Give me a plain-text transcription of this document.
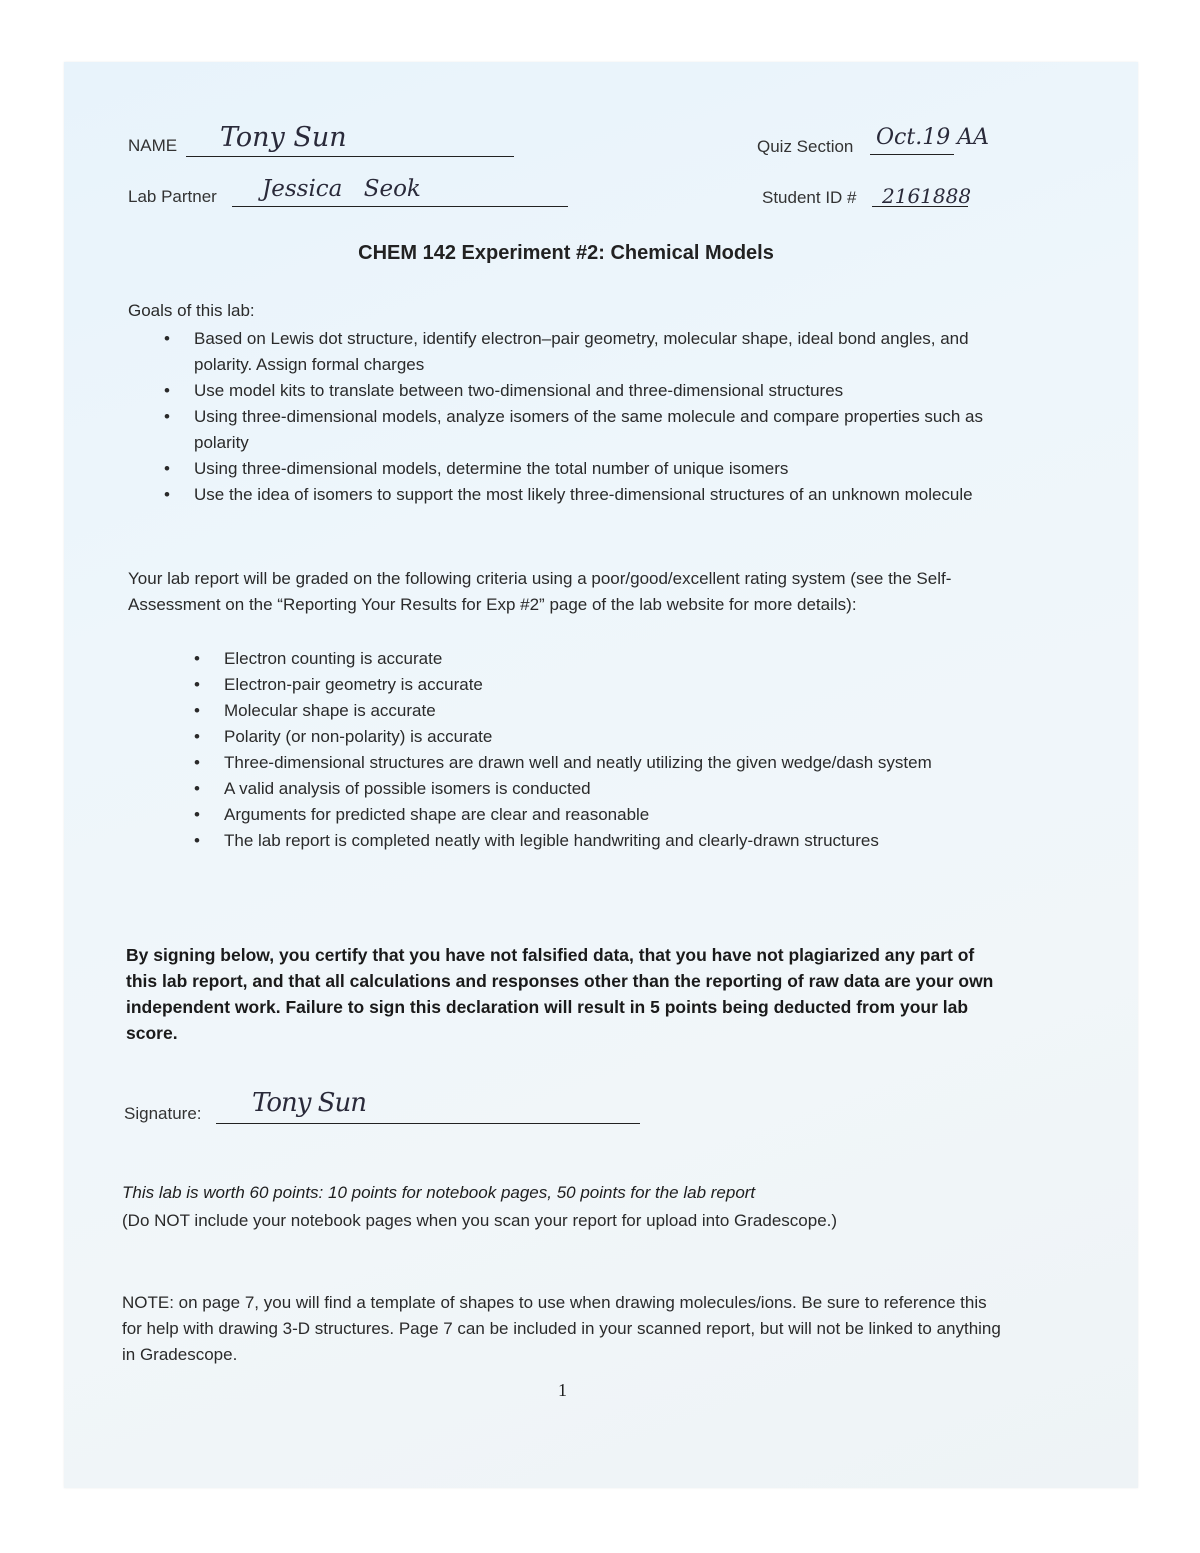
NAME Tony Sun	Quiz Section Oct.19 AA
Lab Partner Jessica Seok	Student ID # 2161888
CHEM 142 Experiment #2: Chemical Models
Goals of this lab:
• Based on Lewis dot structure, identify electron–pair geometry, molecular shape, ideal bond angles, and polarity. Assign formal charges
• Use model kits to translate between two-dimensional and three-dimensional structures
• Using three-dimensional models, analyze isomers of the same molecule and compare properties such as polarity
• Using three-dimensional models, determine the total number of unique isomers
• Use the idea of isomers to support the most likely three-dimensional structures of an unknown molecule
Your lab report will be graded on the following criteria using a poor/good/excellent rating system (see the Self-Assessment on the “Reporting Your Results for Exp #2” page of the lab website for more details):
• Electron counting is accurate
• Electron-pair geometry is accurate
• Molecular shape is accurate
• Polarity (or non-polarity) is accurate
• Three-dimensional structures are drawn well and neatly utilizing the given wedge/dash system
• A valid analysis of possible isomers is conducted
• Arguments for predicted shape are clear and reasonable
• The lab report is completed neatly with legible handwriting and clearly-drawn structures
By signing below, you certify that you have not falsified data, that you have not plagiarized any part of this lab report, and that all calculations and responses other than the reporting of raw data are your own independent work. Failure to sign this declaration will result in 5 points being deducted from your lab score.
Signature: Tony Sun
This lab is worth 60 points: 10 points for notebook pages, 50 points for the lab report
(Do NOT include your notebook pages when you scan your report for upload into Gradescope.)
NOTE: on page 7, you will find a template of shapes to use when drawing molecules/ions. Be sure to reference this for help with drawing 3-D structures. Page 7 can be included in your scanned report, but will not be linked to anything in Gradescope.
1
